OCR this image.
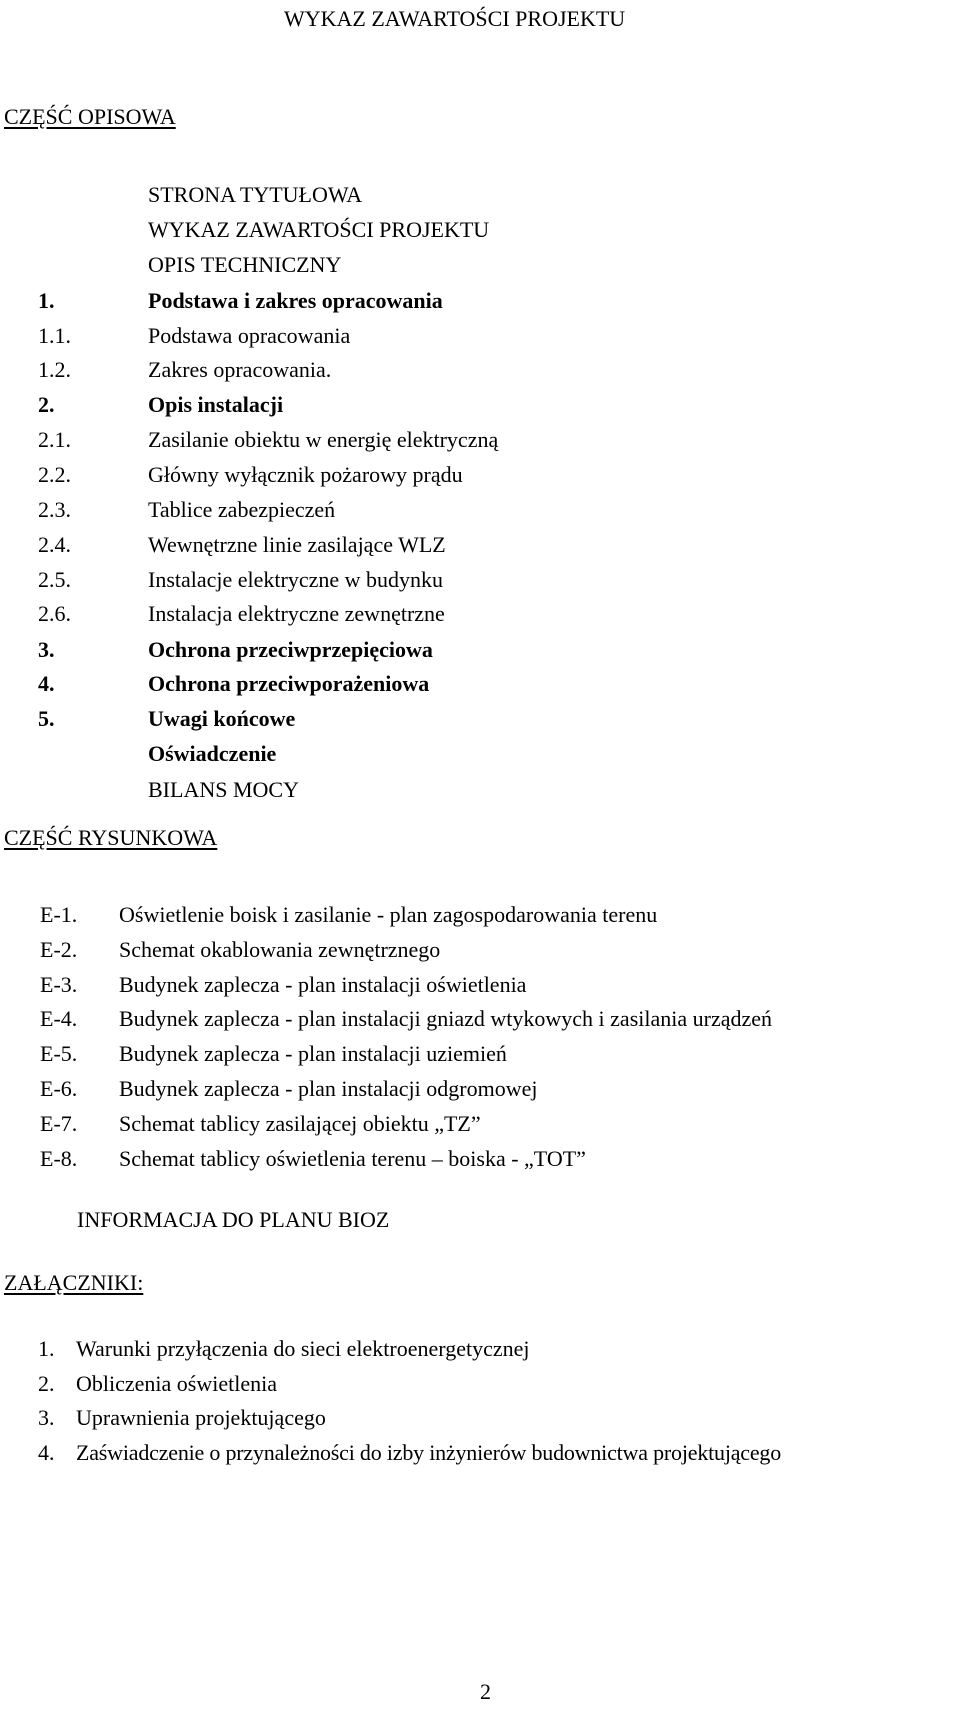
WYKAZ ZAWARTOŚCI PROJEKTU
CZĘŚĆ OPISOWA
STRONA TYTUŁOWA
WYKAZ ZAWARTOŚCI PROJEKTU
OPIS TECHNICZNY
1.	Podstawa i zakres opracowania
1.1.	Podstawa opracowania
1.2.	Zakres opracowania.
2.	Opis instalacji
2.1.	Zasilanie obiektu w energię elektryczną
2.2.	Główny wyłącznik pożarowy prądu
2.3.	Tablice zabezpieczeń
2.4.	Wewnętrzne linie zasilające WLZ
2.5.	Instalacje elektryczne w budynku
2.6.	Instalacja elektryczne zewnętrzne
3.	Ochrona przeciwprzepięciowa
4.	Ochrona przeciwporażeniowa
5.	Uwagi końcowe
Oświadczenie
BILANS MOCY
CZĘŚĆ RYSUNKOWA
E-1. Oświetlenie boisk i zasilanie - plan zagospodarowania terenu
E-2. Schemat okablowania zewnętrznego
E-3. Budynek zaplecza - plan instalacji oświetlenia
E-4. Budynek zaplecza - plan instalacji gniazd wtykowych i zasilania urządzeń
E-5. Budynek zaplecza - plan instalacji uziemień
E-6. Budynek zaplecza - plan instalacji odgromowej
E-7. Schemat tablicy zasilającej obiektu „TZ”
E-8. Schemat tablicy oświetlenia terenu – boiska - „TOT”
INFORMACJA DO PLANU BIOZ
ZAŁĄCZNIKI:
1. Warunki przyłączenia do sieci elektroenergetycznej
2. Obliczenia oświetlenia
3. Uprawnienia projektującego
4. Zaświadczenie o przynależności do izby inżynierów budownictwa projektującego
2
